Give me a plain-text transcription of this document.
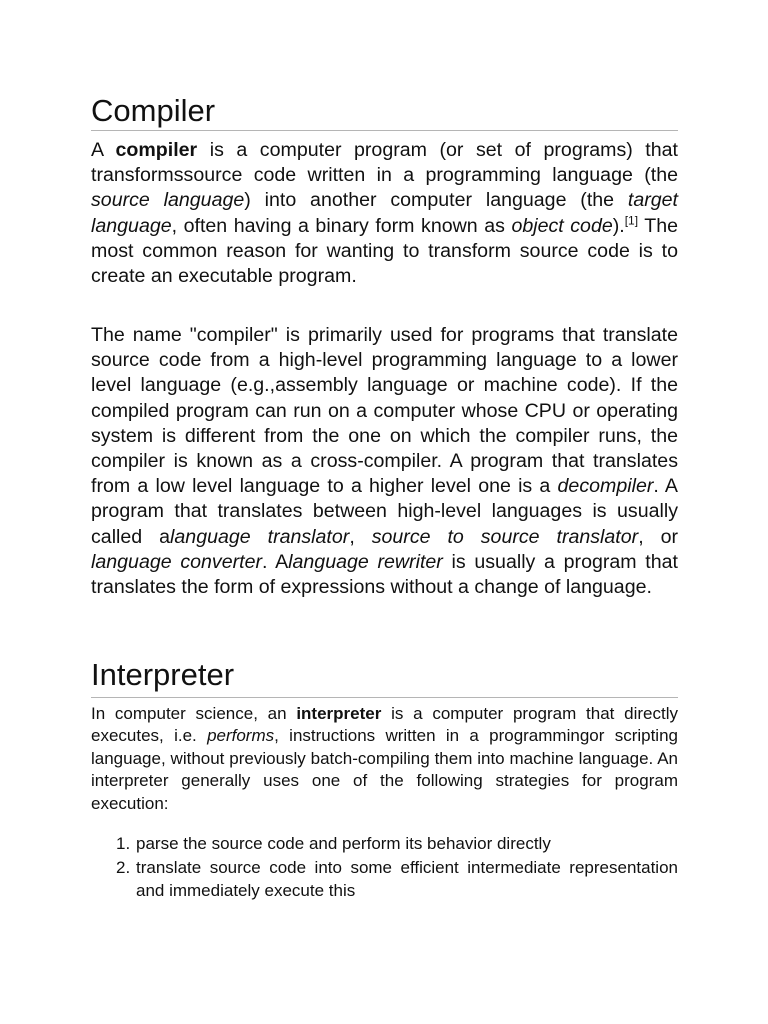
Compiler

A compiler is a computer program (or set of programs) that transformssource code written in a programming language (the source language) into another computer language (the target language, often having a binary form known as object code).[1] The most common reason for wanting to transform source code is to create an executable program.

The name "compiler" is primarily used for programs that translate source code from a high-level programming language to a lower level language (e.g.,assembly language or machine code). If the compiled program can run on a computer whose CPU or operating system is different from the one on which the compiler runs, the compiler is known as a cross-compiler. A program that translates from a low level language to a higher level one is a decompiler. A program that translates between high-level languages is usually called alanguage translator, source to source translator, or language converter. Alanguage rewriter is usually a program that translates the form of expressions without a change of language.

Interpreter

In computer science, an interpreter is a computer program that directly executes, i.e. performs, instructions written in a programmingor scripting language, without previously batch-compiling them into machine language. An interpreter generally uses one of the following strategies for program execution:

1. parse the source code and perform its behavior directly
2. translate source code into some efficient intermediate representation and immediately execute this
